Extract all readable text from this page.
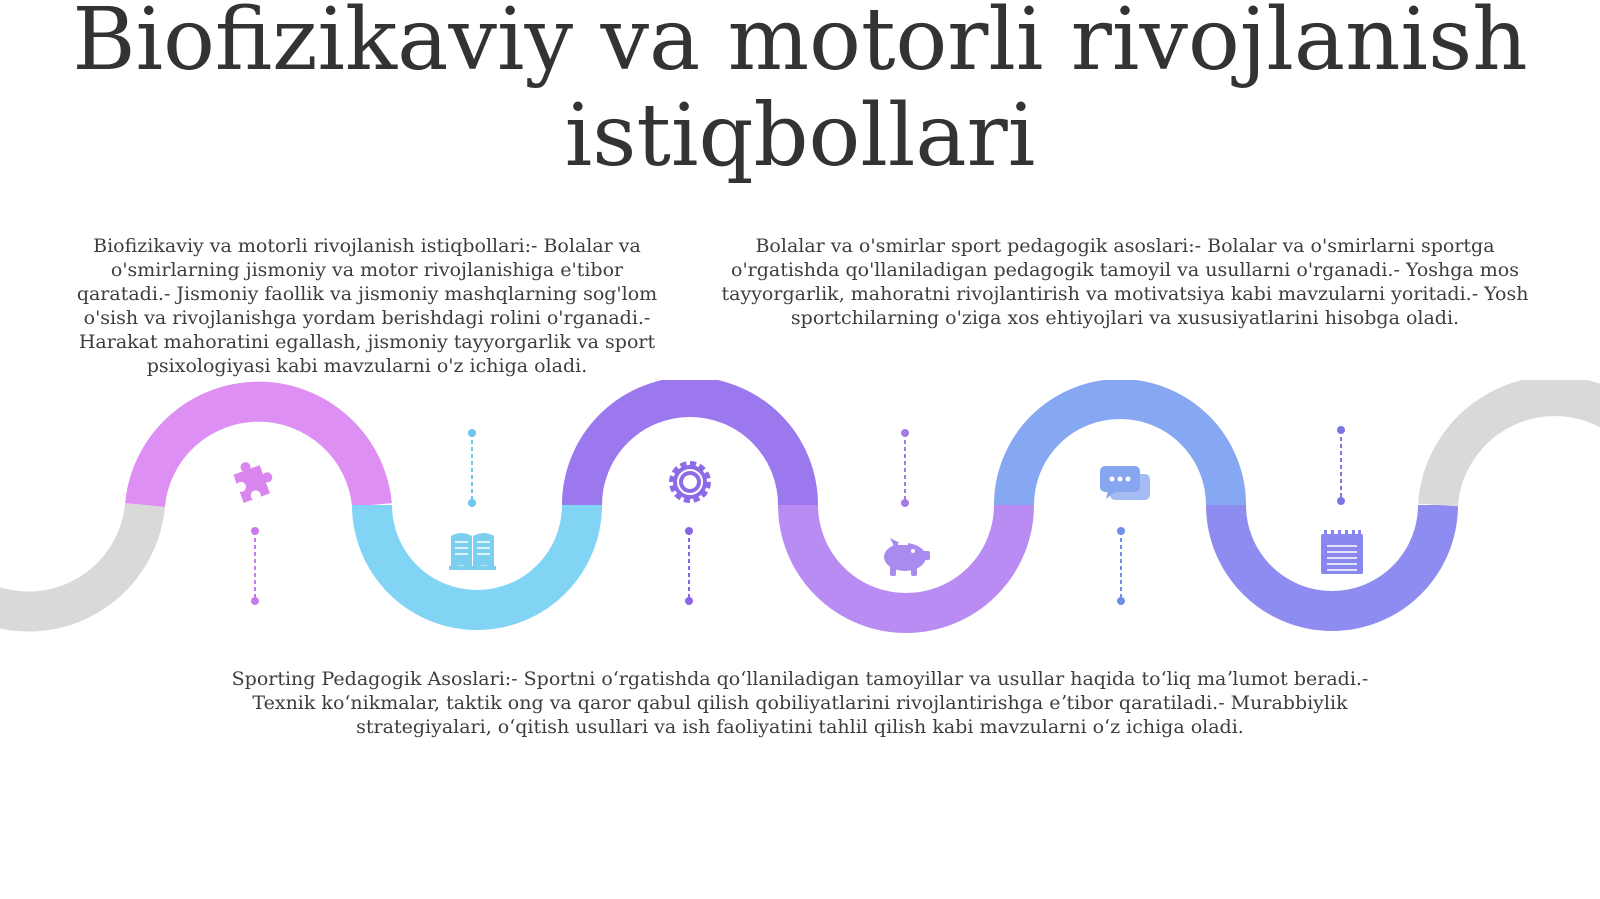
Biofizikaviy va motorli rivojlanish istiqbollari

Biofizikaviy va motorli rivojlanish istiqbollari:- Bolalar va o'smirlarning jismoniy va motor rivojlanishiga e'tibor qaratadi.- Jismoniy faollik va jismoniy mashqlarning sog'lom o'sish va rivojlanishga yordam berishdagi rolini o'rganadi.- Harakat mahoratini egallash, jismoniy tayyorgarlik va sport psixologiyasi kabi mavzularni o'z ichiga oladi.

Bolalar va o'smirlar sport pedagogik asoslari:- Bolalar va o'smirlarni sportga o'rgatishda qo'llaniladigan pedagogik tamoyil va usullarni o'rganadi.- Yoshga mos tayyorgarlik, mahoratni rivojlantirish va motivatsiya kabi mavzularni yoritadi.- Yosh sportchilarning o'ziga xos ehtiyojlari va xususiyatlarini hisobga oladi.

Sporting Pedagogik Asoslari:- Sportni oʻrgatishda qoʻllaniladigan tamoyillar va usullar haqida toʻliq maʼlumot beradi.- Texnik koʻnikmalar, taktik ong va qaror qabul qilish qobiliyatlarini rivojlantirishga eʼtibor qaratiladi.- Murabbiylik strategiyalari, oʻqitish usullari va ish faoliyatini tahlil qilish kabi mavzularni oʻz ichiga oladi.
